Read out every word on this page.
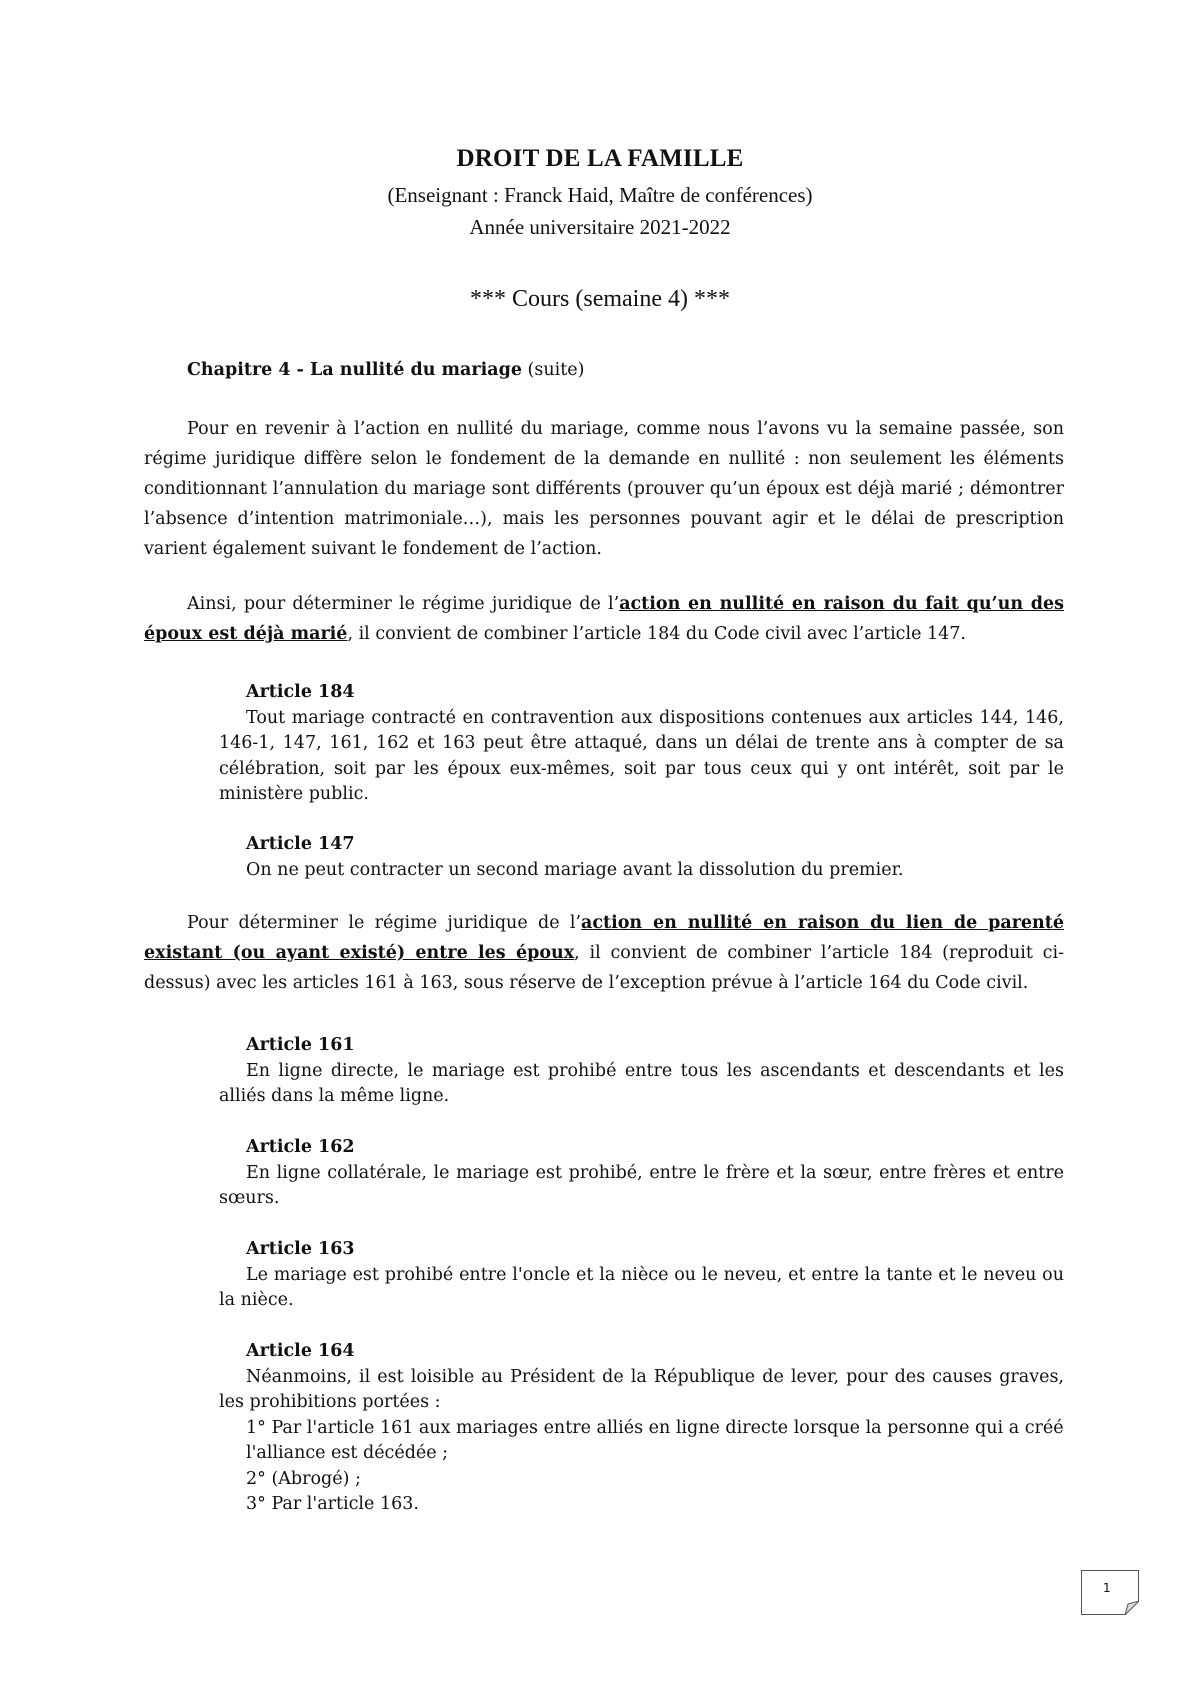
DROIT DE LA FAMILLE
(Enseignant : Franck Haid, Maître de conférences)
Année universitaire 2021-2022
*** Cours (semaine 4) ***
Chapitre 4 - La nullité du mariage (suite)
Pour en revenir à l’action en nullité du mariage, comme nous l’avons vu la semaine passée, son régime juridique diffère selon le fondement de la demande en nullité : non seulement les éléments conditionnant l’annulation du mariage sont différents (prouver qu’un époux est déjà marié ; démontrer l’absence d’intention matrimoniale…), mais les personnes pouvant agir et le délai de prescription varient également suivant le fondement de l’action.
Ainsi, pour déterminer le régime juridique de l’action en nullité en raison du fait qu’un des époux est déjà marié, il convient de combiner l’article 184 du Code civil avec l’article 147.
Article 184
Tout mariage contracté en contravention aux dispositions contenues aux articles 144, 146, 146-1, 147, 161, 162 et 163 peut être attaqué, dans un délai de trente ans à compter de sa célébration, soit par les époux eux-mêmes, soit par tous ceux qui y ont intérêt, soit par le ministère public.
Article 147
On ne peut contracter un second mariage avant la dissolution du premier.
Pour déterminer le régime juridique de l’action en nullité en raison du lien de parenté existant (ou ayant existé) entre les époux, il convient de combiner l’article 184 (reproduit ci-dessus) avec les articles 161 à 163, sous réserve de l’exception prévue à l’article 164 du Code civil.
Article 161
En ligne directe, le mariage est prohibé entre tous les ascendants et descendants et les alliés dans la même ligne.
Article 162
En ligne collatérale, le mariage est prohibé, entre le frère et la sœur, entre frères et entre sœurs.
Article 163
Le mariage est prohibé entre l'oncle et la nièce ou le neveu, et entre la tante et le neveu ou la nièce.
Article 164
Néanmoins, il est loisible au Président de la République de lever, pour des causes graves, les prohibitions portées :
1° Par l'article 161 aux mariages entre alliés en ligne directe lorsque la personne qui a créé l'alliance est décédée ;
2° (Abrogé) ;
3° Par l'article 163.
1
